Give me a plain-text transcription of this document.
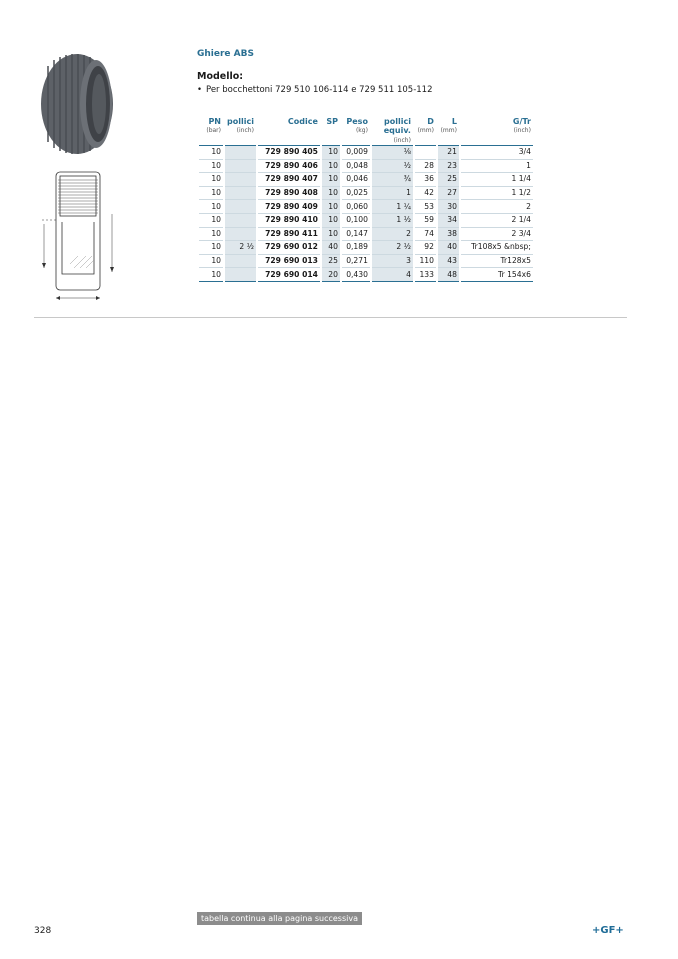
Ghiere ABS
Modello:
• Per bocchettoni 729 510 106-114 e 729 511 105-112
PN	pollici	Codice	SP	Peso	pollici	D	L	G/Tr
(bar)	(inch)			(kg)	equiv.	(mm)	(mm)	(inch)
					(inch)			
10		729 890 405	10	0,009	⅛		21	3/4
10		729 890 406	10	0,048	½	28	23	1
10		729 890 407	10	0,046	¾	36	25	1 1/4
10		729 890 408	10	0,025	1	42	27	1 1/2
10		729 890 409	10	0,060	1 ¼	53	30	2
10		729 890 410	10	0,100	1 ½	59	34	2 1/4
10		729 890 411	10	0,147	2	74	38	2 3/4
10	2 ½	729 690 012	40	0,189	2 ½	92	40	Tr108x5 &nbsp;
10		729 690 013	25	0,271	3	110	43	Tr128x5
10		729 690 014	20	0,430	4	133	48	Tr 154x6
tabella continua alla pagina successiva
328	+GF+
